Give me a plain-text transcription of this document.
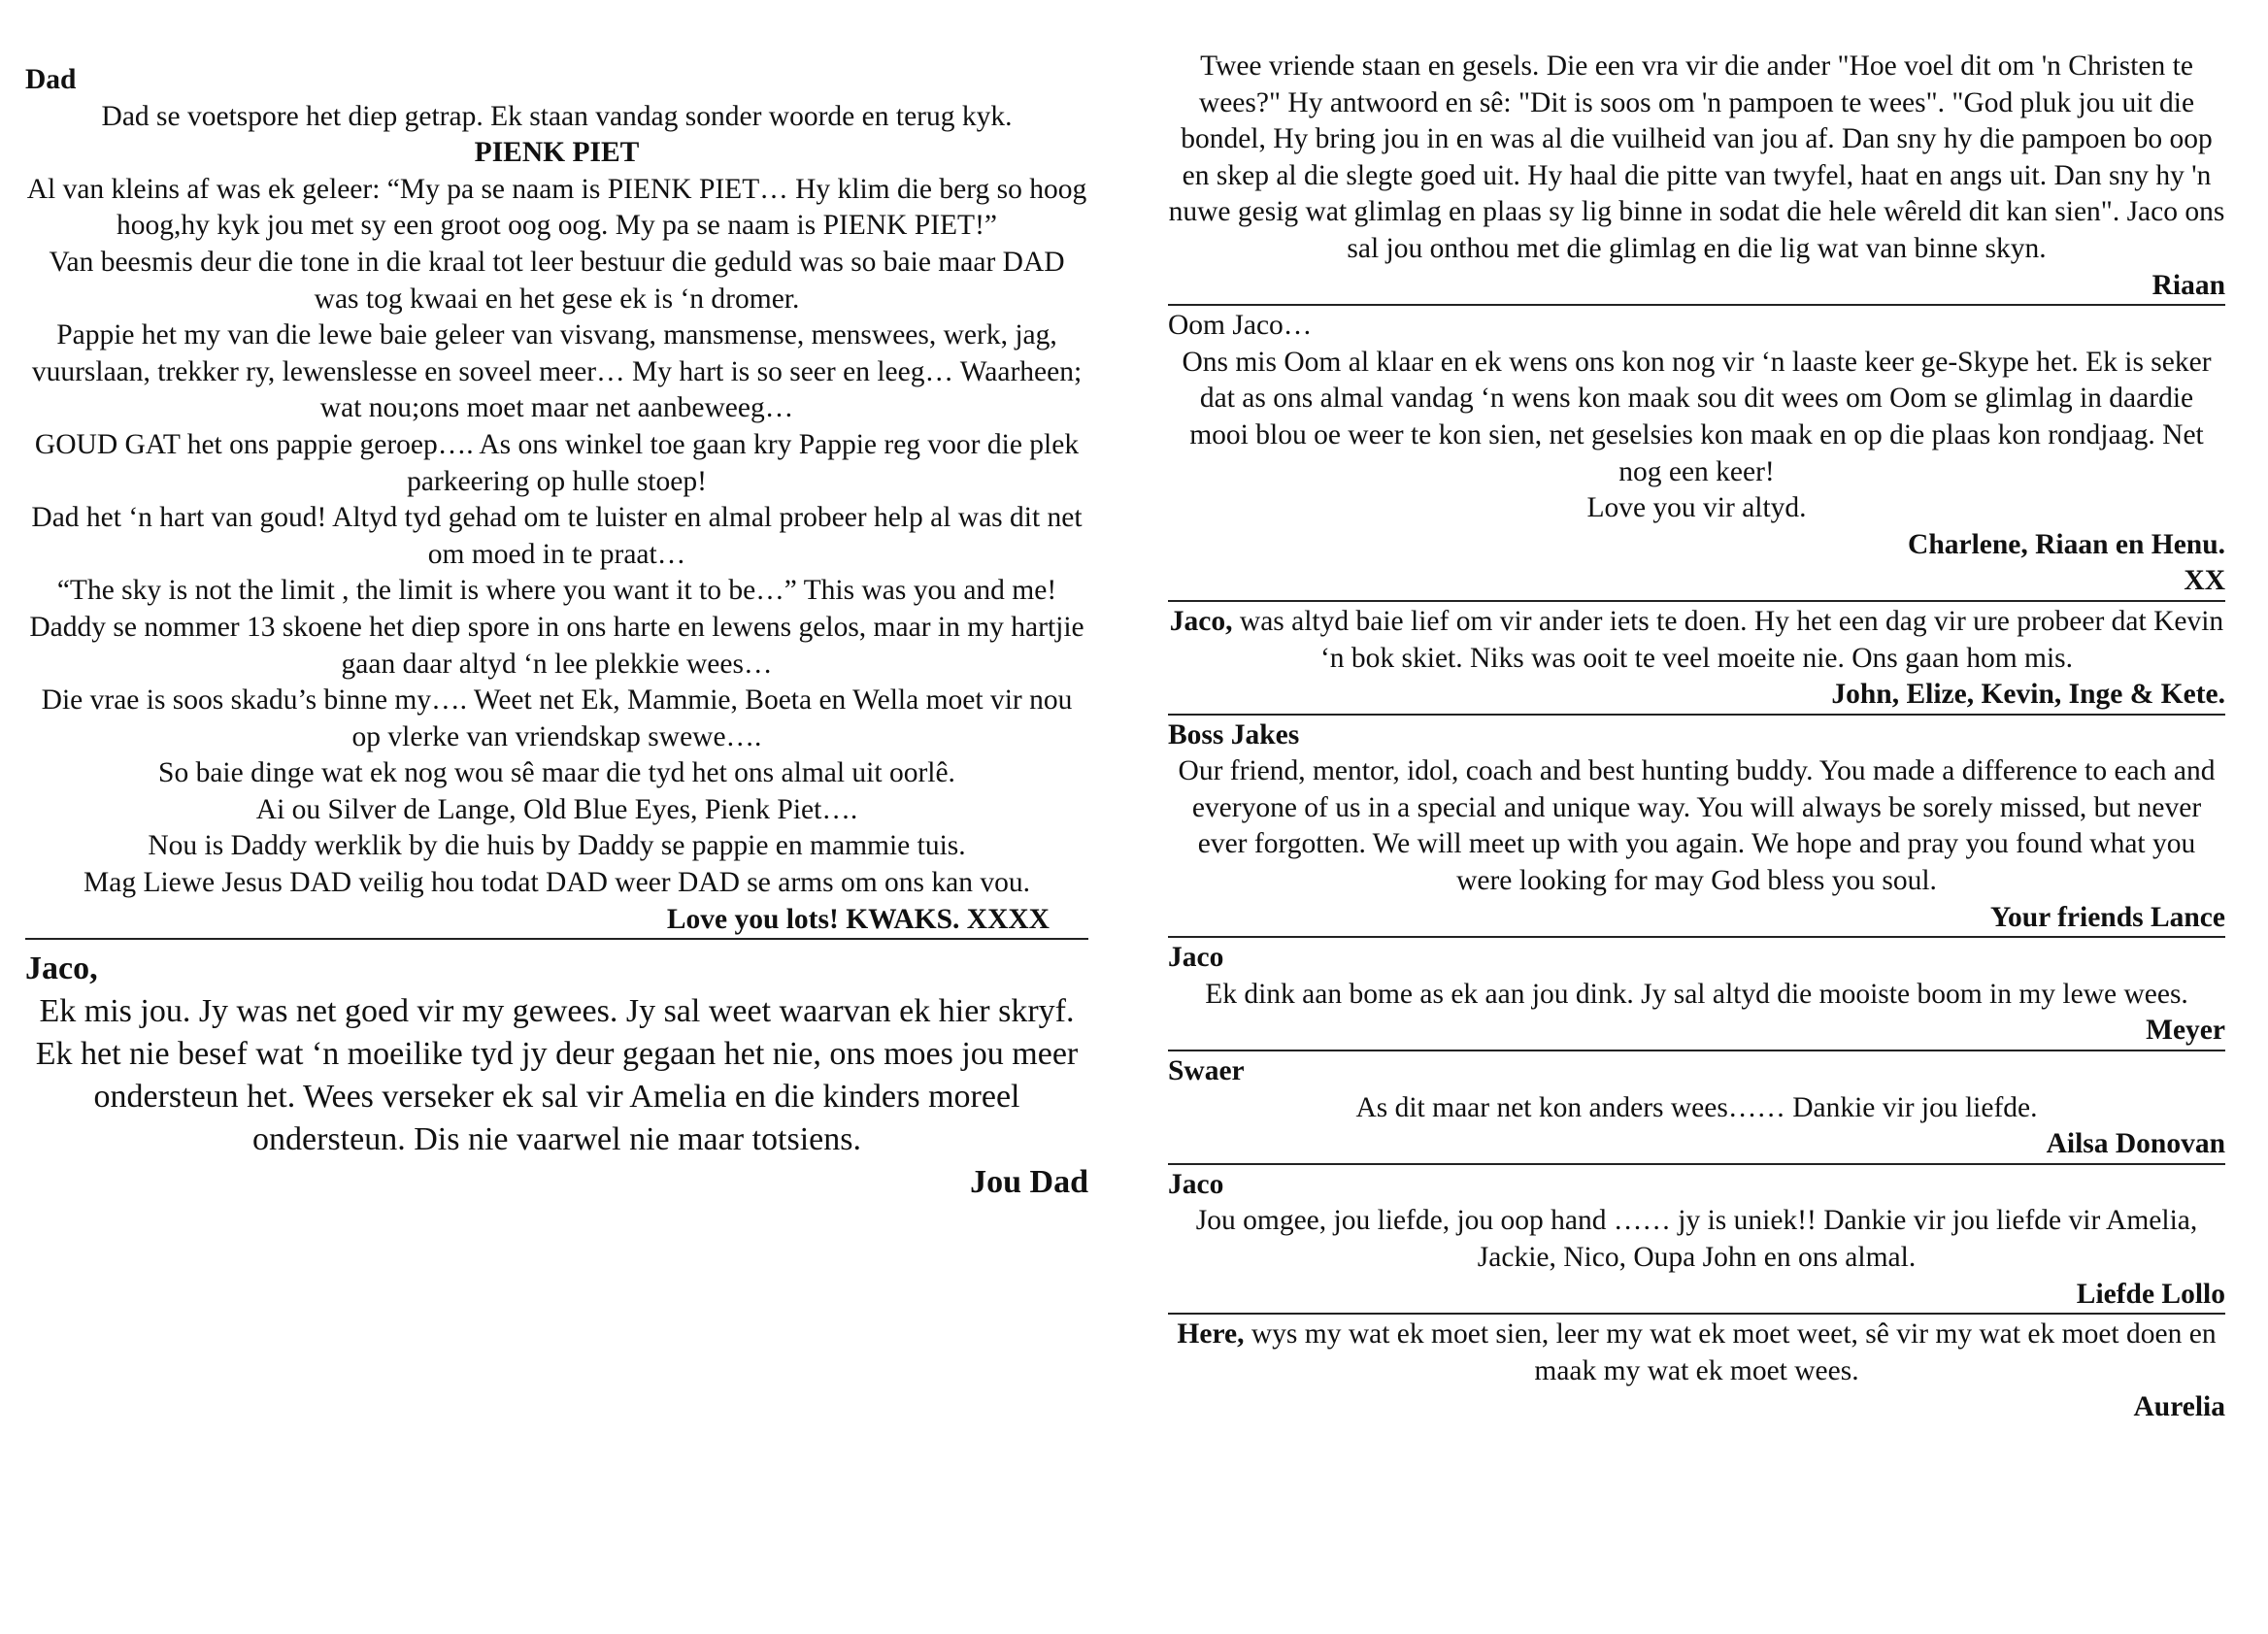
Dad

Dad se voetspore het diep getrap. Ek staan vandag sonder woorde en terug kyk.

PIENK PIET

Al van kleins af was ek geleer: “My pa se naam is PIENK PIET… Hy klim die berg so hoog hoog,hy kyk jou met sy een groot oog oog. My pa se naam is PIENK PIET!”

Van beesmis deur die tone in die kraal tot leer bestuur die geduld was so baie maar DAD was tog kwaai en het gese ek is ‘n dromer.

Pappie het my van die lewe baie geleer van visvang, mansmense, menswees, werk, jag, vuurslaan, trekker ry, lewenslesse en soveel meer… My hart is so seer en leeg… Waarheen; wat nou;ons moet maar net aanbeweeg…

GOUD GAT het ons pappie geroep…. As ons winkel toe gaan kry Pappie reg voor die plek parkeering op hulle stoep!

Dad het ‘n hart van goud! Altyd tyd gehad om te luister en almal probeer help al was dit net om moed in te praat…

“The sky is not the limit , the limit is where you want it to be…” This was you and me!

Daddy se nommer 13 skoene het diep spore in ons harte en lewens gelos, maar in my hartjie gaan daar altyd ‘n lee plekkie wees…

Die vrae is soos skadu’s binne my…. Weet net Ek, Mammie, Boeta en Wella moet vir nou op vlerke van vriendskap swewe….

So baie dinge wat ek nog wou sê maar die tyd het ons almal uit oorlê.

Ai ou Silver de Lange, Old Blue Eyes, Pienk Piet….

Nou is Daddy werklik by die huis by Daddy se pappie en mammie tuis.

Mag Liewe Jesus DAD veilig hou todat DAD weer DAD se arms om ons kan vou.

Love you lots! KWAKS. XXXX

Jaco,

Ek mis jou. Jy was net goed vir my gewees. Jy sal weet waarvan ek hier skryf. Ek het nie besef wat ‘n moeilike tyd jy deur gegaan het nie, ons moes jou meer ondersteun het. Wees verseker ek sal vir Amelia en die kinders moreel ondersteun. Dis nie vaarwel nie maar totsiens.

Jou Dad

Twee vriende staan en gesels. Die een vra vir die ander "Hoe voel dit om 'n Christen te wees?" Hy antwoord en sê: "Dit is soos om 'n pampoen te wees". "God pluk jou uit die bondel, Hy bring jou in en was al die vuilheid van jou af. Dan sny hy die pampoen bo oop en skep al die slegte goed uit. Hy haal die pitte van twyfel, haat en angs uit. Dan sny hy 'n nuwe gesig wat glimlag en plaas sy lig binne in sodat die hele wêreld dit kan sien". Jaco ons sal jou onthou met die glimlag en die lig wat van binne skyn.

Riaan

Oom Jaco…

Ons mis Oom al klaar en ek wens ons kon nog vir ‘n laaste keer ge-Skype het. Ek is seker dat as ons almal vandag ‘n wens kon maak sou dit wees om Oom se glimlag in daardie mooi blou oe weer te kon sien, net geselsies kon maak en op die plaas kon rondjaag. Net nog een keer!

Love you vir altyd.

Charlene, Riaan en Henu.

XX

Jaco, was altyd baie lief om vir ander iets te doen. Hy het een dag vir ure probeer dat Kevin ‘n bok skiet. Niks was ooit te veel moeite nie. Ons gaan hom mis.

John, Elize, Kevin, Inge & Kete.

Boss Jakes

Our friend, mentor, idol, coach and best hunting buddy. You made a difference to each and everyone of us in a special and unique way. You will always be sorely missed, but never ever forgotten. We will meet up with you again. We hope and pray you found what you were looking for may God bless you soul.

Your friends Lance

Jaco

Ek dink aan bome as ek aan jou dink. Jy sal altyd die mooiste boom in my lewe wees.

Meyer

Swaer

As dit maar net kon anders wees…… Dankie vir jou liefde.

Ailsa Donovan

Jaco

Jou omgee, jou liefde, jou oop hand …… jy is uniek!! Dankie vir jou liefde vir Amelia, Jackie, Nico, Oupa John en ons almal.

Liefde Lollo

Here, wys my wat ek moet sien, leer my wat ek moet weet, sê vir my wat ek moet doen en maak my wat ek moet wees.

Aurelia
